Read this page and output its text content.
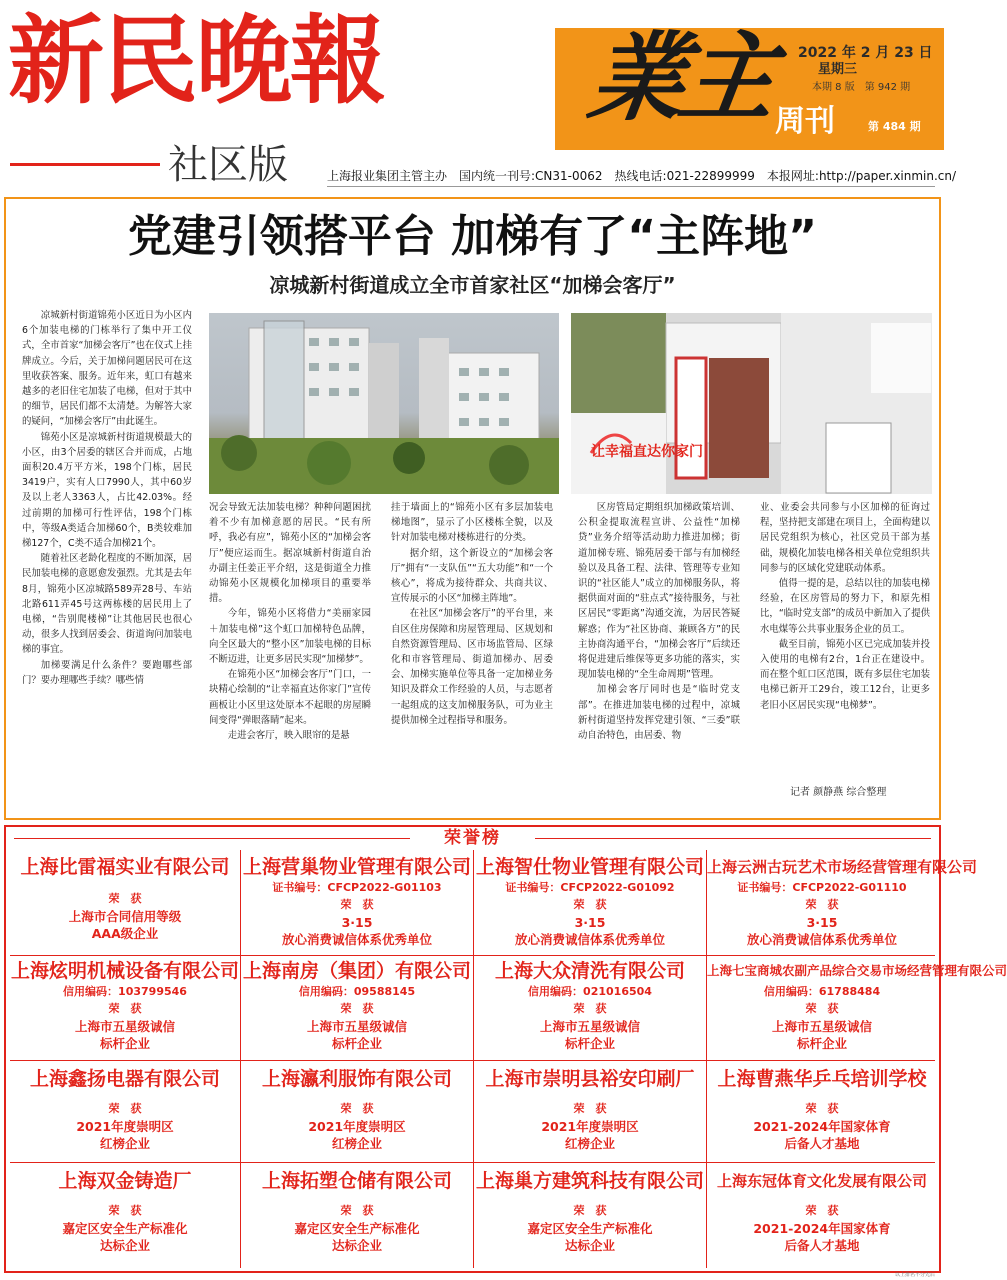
新民晚報
社区版	上海报业集团主管主办　国内统一刊号:CN31-0062　热线电话:021-22899999　本报网址:http://paper.xinmin.cn/
業主 2022 年 2 月 23 日
星期三
本期 8 版　第 942 期
周刊	第 484 期
党建引领搭平台 加梯有了“主阵地”
凉城新村街道成立全市首家社区“加梯会客厅”
让幸福直达你家门

凉城新村街道锦苑小区近日为小区内6个加装电梯的门栋举行了集中开工仪式，全市首家“加梯会客厅”也在仪式上挂牌成立。今后，关于加梯问题居民可在这里收获答案、服务。近年来，虹口有越来越多的老旧住宅加装了电梯，但对于其中的细节，居民们都不太清楚。为解答大家的疑问，“加梯会客厅”由此诞生。

锦苑小区是凉城新村街道规模最大的小区，由3个居委的辖区合并而成，占地面积20.4万平方米，198个门栋，居民3419户，实有人口7990人，其中60岁及以上老人3363人，占比42.03%。经过前期的加梯可行性评估，198个门栋中，等级A类适合加梯60个，B类较难加梯127个，C类不适合加梯21个。

随着社区老龄化程度的不断加深，居民加装电梯的意愿愈发强烈。尤其是去年8月，锦苑小区凉城路589弄28号、车站北路611弄45号这两栋楼的居民用上了电梯，“告别爬楼梯”让其他居民也很心动，很多人找到居委会、街道询问加装电梯的事宜。

加梯要满足什么条件？要跑哪些部门？要办理哪些手续？哪些情

况会导致无法加装电梯？种种问题困扰着不少有加梯意愿的居民。“民有所呼，我必有应”，锦苑小区的“加梯会客厅”便应运而生。据凉城新村街道自治办副主任姜正平介绍，这是街道全力推动锦苑小区规模化加梯项目的重要举措。

今年，锦苑小区将借力“美丽家园＋加装电梯”这个虹口加梯特色品牌，向全区最大的“整小区”加装电梯的目标不断迈进，让更多居民实现“加梯梦”。

在锦苑小区“加梯会客厅”门口，一块精心绘制的“让幸福直达你家门”宣传画板让小区里这处原本不起眼的房屋瞬间变得“弹眼落睛”起来。

走进会客厅，映入眼帘的是悬

挂于墙面上的“锦苑小区有多层加装电梯地图”，显示了小区楼栋全貌，以及针对加装电梯对楼栋进行的分类。

据介绍，这个新设立的“加梯会客厅”拥有“一支队伍”“五大功能”和“一个核心”，将成为接待群众、共商共议、宣传展示的小区“加梯主阵地”。

在社区“加梯会客厅”的平台里，来自区住房保障和房屋管理局、区规划和自然资源管理局、区市场监管局、区绿化和市容管理局、街道加梯办、居委会、加梯实施单位等具备一定加梯业务知识及群众工作经验的人员，与志愿者一起组成的这支加梯服务队，可为业主提供加梯全过程指导和服务。

区房管局定期组织加梯政策培训、公积金提取流程宣讲、公益性“加梯贷”业务介绍等活动助力推进加梯；街道加梯专班、锦苑居委干部与有加梯经验以及具备工程、法律、管理等专业知识的“社区能人”成立的加梯服务队，将据供面对面的“驻点式”接待服务，与社区居民“零距离”沟通交流，为居民答疑解惑；作为“社区协商、兼顾各方”的民主协商沟通平台，“加梯会客厅”后续还将促进建后维保等更多功能的落实，实现加装电梯的“全生命周期”管理。

加梯会客厅同时也是“临时党支部”。在推进加装电梯的过程中，凉城新村街道坚持发挥党建引领、“三委”联动自治特色，由居委、物

业、业委会共同参与小区加梯的征询过程，坚持把支部建在项目上，全面构建以居民党组织为核心，社区党员干部为基础，规模化加装电梯各相关单位党组织共同参与的区域化党建联动体系。

值得一提的是，总结以往的加装电梯经验，在区房管局的努力下，和原先相比，“临时党支部”的成员中新加入了提供水电煤等公共事业服务企业的员工。

截至目前，锦苑小区已完成加装并投入使用的电梯有2台，1台正在建设中。而在整个虹口区范围，既有多层住宅加装电梯已新开工29台，竣工12台，让更多老旧小区居民实现“电梯梦”。

记者 颜静燕 综合整理
荣誉榜
上海比雷福实业有限公司
荣　获
上海市合同信用等级
AAA级企业
上海营巢物业管理有限公司
证书编号：CFCP2022-G01103
荣　获
3·15
放心消费诚信体系优秀单位
上海智仕物业管理有限公司
证书编号：CFCP2022-G01092
荣　获
3·15
放心消费诚信体系优秀单位
上海云洲古玩艺术市场经营管理有限公司
证书编号：CFCP2022-G01110
荣　获
3·15
放心消费诚信体系优秀单位
上海炫明机械设备有限公司
信用编码：103799546
荣　获
上海市五星级诚信
标杆企业
上海南房（集团）有限公司
信用编码：09588145
荣　获
上海市五星级诚信
标杆企业
上海大众清洗有限公司
信用编码：021016504
荣　获
上海市五星级诚信
标杆企业
上海七宝商城农副产品综合交易市场经营管理有限公司
信用编码：61788484
荣　获
上海市五星级诚信
标杆企业
上海鑫扬电器有限公司
荣　获
2021年度崇明区
红榜企业
上海瀛利服饰有限公司
荣　获
2021年度崇明区
红榜企业
上海市崇明县裕安印刷厂
荣　获
2021年度崇明区
红榜企业
上海曹燕华乒乓培训学校
荣　获
2021-2024年国家体育
后备人才基地
上海双金铸造厂
荣　获
嘉定区安全生产标准化
达标企业
上海拓塑仓储有限公司
荣　获
嘉定区安全生产标准化
达标企业
上海巢方建筑科技有限公司
荣　获
嘉定区安全生产标准化
达标企业
上海东冠体育文化发展有限公司
荣　获
2021-2024年国家体育
后备人才基地
以上排名不分先后
